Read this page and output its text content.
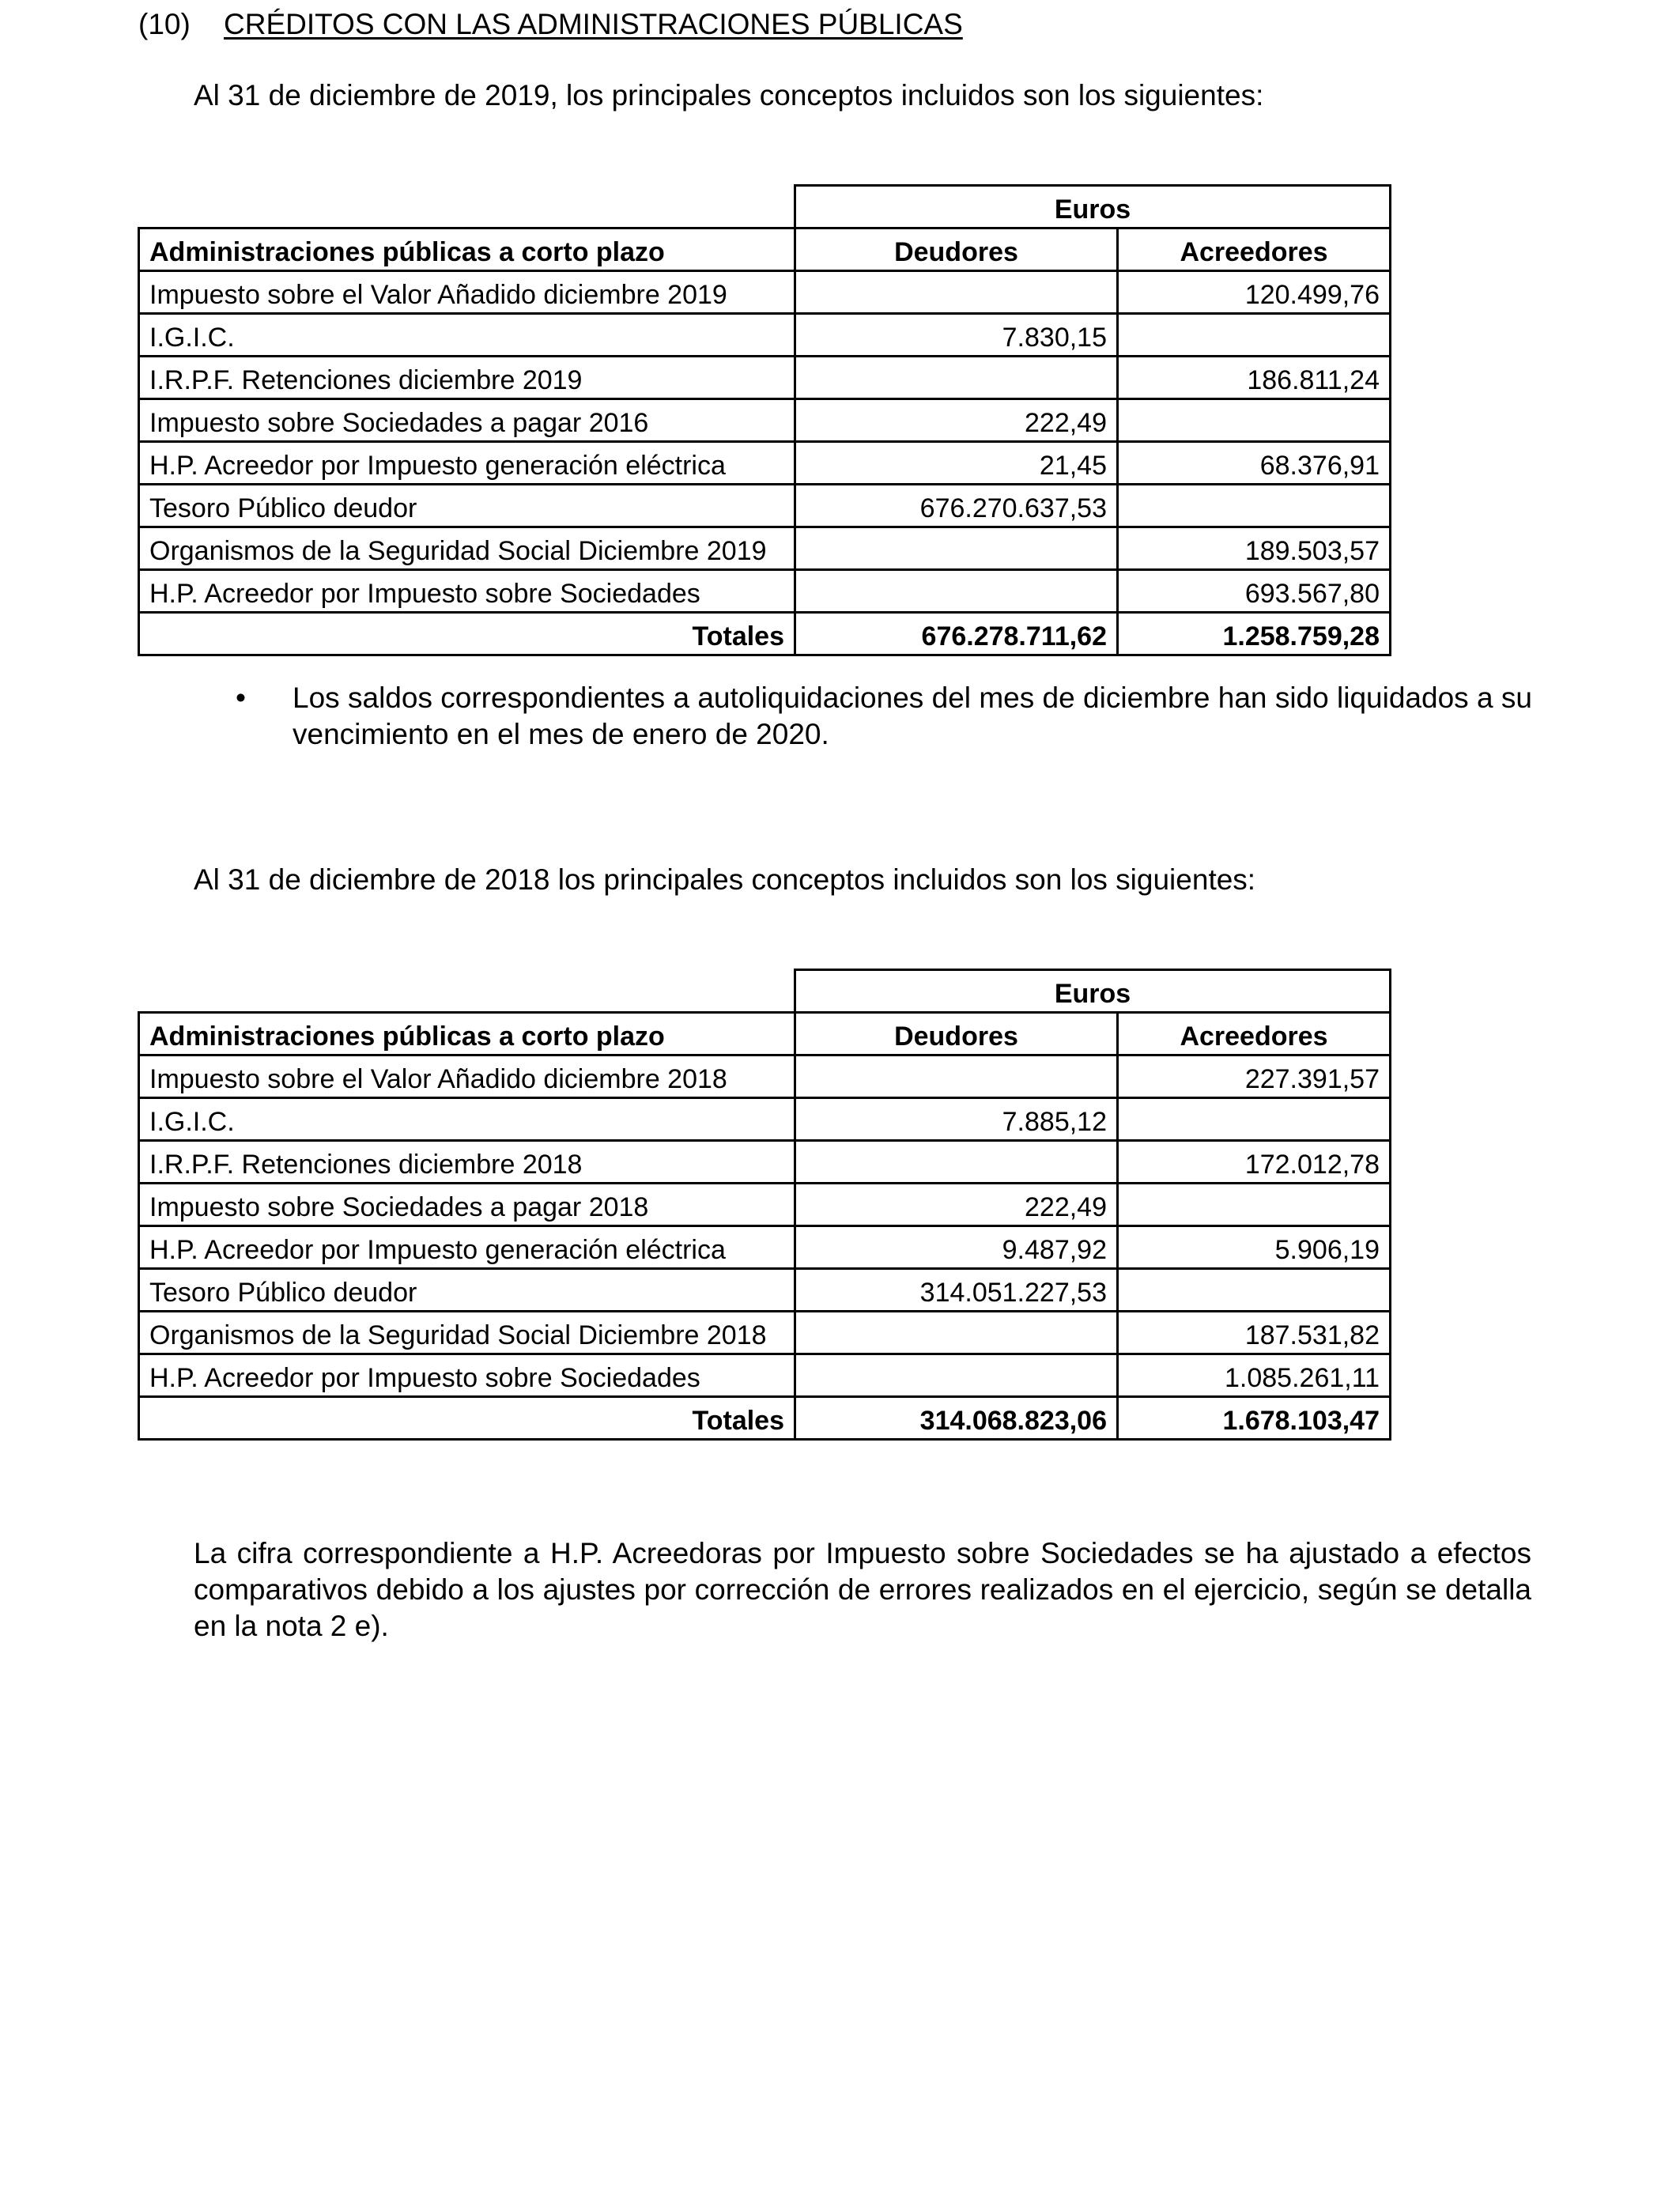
(10) CRÉDITOS CON LAS ADMINISTRACIONES PÚBLICAS
Al 31 de diciembre de 2019, los principales conceptos incluidos son los siguientes:
	Euros	
Administraciones públicas a corto plazo	Deudores	Acreedores
Impuesto sobre el Valor Añadido diciembre 2019		120.499,76
I.G.I.C.	7.830,15	
I.R.P.F. Retenciones diciembre 2019		186.811,24
Impuesto sobre Sociedades a pagar 2016	222,49	
H.P. Acreedor por Impuesto generación eléctrica	21,45	68.376,91
Tesoro Público deudor	676.270.637,53	
Organismos de la Seguridad Social Diciembre 2019		189.503,57
H.P. Acreedor por Impuesto sobre Sociedades		693.567,80
Totales	676.278.711,62	1.258.759,28
•	Los saldos correspondientes a autoliquidaciones del mes de diciembre han sido liquidados a su vencimiento en el mes de enero de 2020.
Al 31 de diciembre de 2018 los principales conceptos incluidos son los siguientes:
	Euros	
Administraciones públicas a corto plazo	Deudores	Acreedores
Impuesto sobre el Valor Añadido diciembre 2018		227.391,57
I.G.I.C.	7.885,12	
I.R.P.F. Retenciones diciembre 2018		172.012,78
Impuesto sobre Sociedades a pagar 2018	222,49	
H.P. Acreedor por Impuesto generación eléctrica	9.487,92	5.906,19
Tesoro Público deudor	314.051.227,53	
Organismos de la Seguridad Social Diciembre 2018		187.531,82
H.P. Acreedor por Impuesto sobre Sociedades		1.085.261,11
Totales	314.068.823,06	1.678.103,47
La cifra correspondiente a H.P. Acreedoras por Impuesto sobre Sociedades se ha ajustado a efectos comparativos debido a los ajustes por corrección de errores realizados en el ejercicio, según se detalla en la nota 2 e).
